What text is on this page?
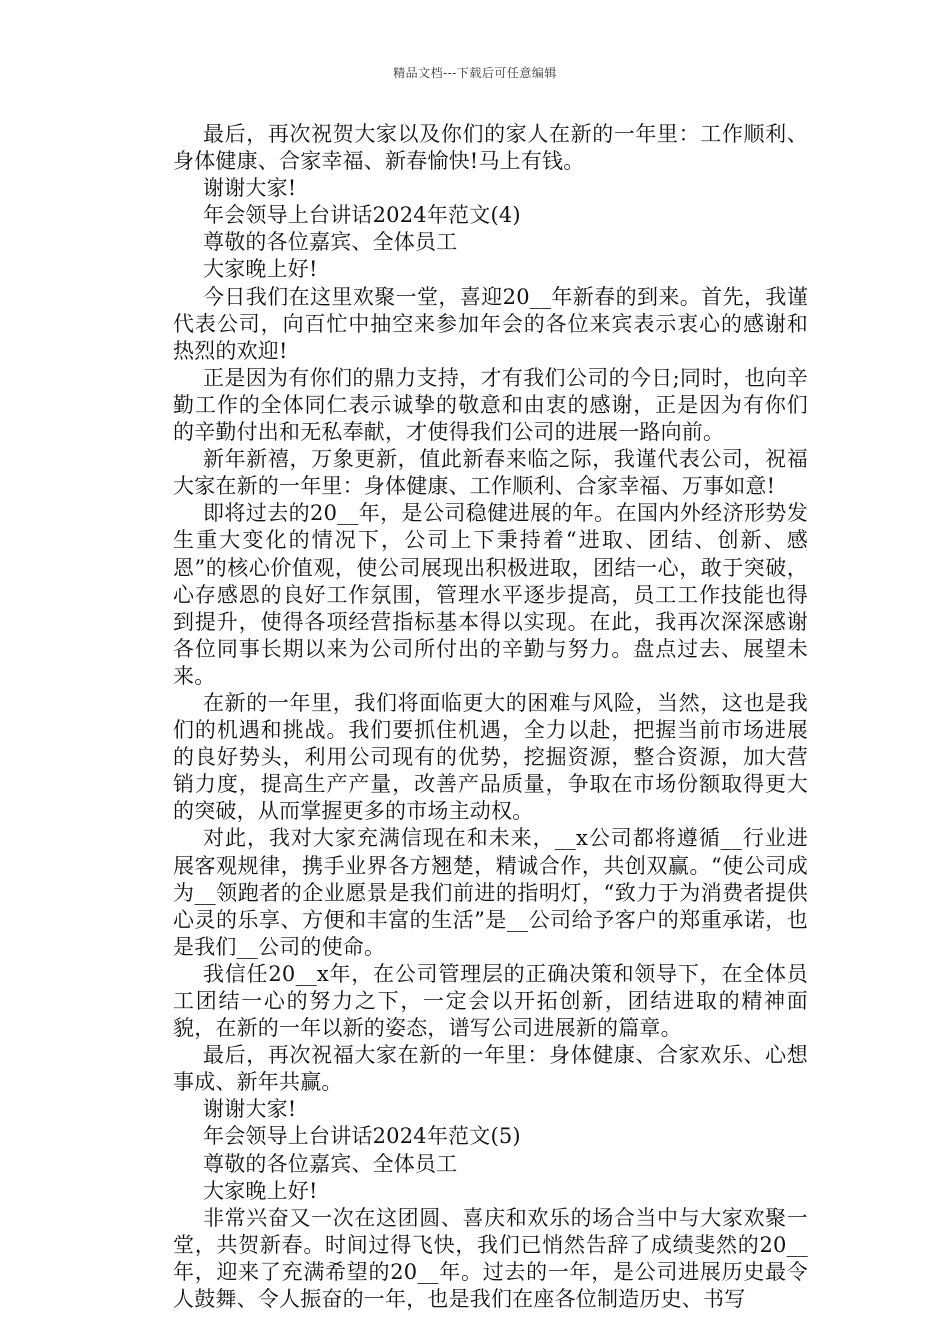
精品文档---下载后可任意编辑

最后，再次祝贺大家以及你们的家人在新的一年里：工作顺利、身体健康、合家幸福、新春愉快!马上有钱。

谢谢大家!

年会领导上台讲话2024年范文(4)

尊敬的各位嘉宾、全体员工

大家晚上好!

今日我们在这里欢聚一堂，喜迎20__年新春的到来。首先，我谨代表公司，向百忙中抽空来参加年会的各位来宾表示衷心的感谢和热烈的欢迎!

正是因为有你们的鼎力支持，才有我们公司的今日;同时，也向辛勤工作的全体同仁表示诚挚的敬意和由衷的感谢，正是因为有你们的辛勤付出和无私奉献，才使得我们公司的进展一路向前。

新年新禧，万象更新，值此新春来临之际，我谨代表公司，祝福大家在新的一年里：身体健康、工作顺利、合家幸福、万事如意!

即将过去的20__年，是公司稳健进展的年。在国内外经济形势发生重大变化的情况下，公司上下秉持着“进取、团结、创新、感恩”的核心价值观，使公司展现出积极进取，团结一心，敢于突破，心存感恩的良好工作氛围，管理水平逐步提高，员工工作技能也得到提升，使得各项经营指标基本得以实现。在此，我再次深深感谢各位同事长期以来为公司所付出的辛勤与努力。盘点过去、展望未来。

在新的一年里，我们将面临更大的困难与风险，当然，这也是我们的机遇和挑战。我们要抓住机遇，全力以赴，把握当前市场进展的良好势头，利用公司现有的优势，挖掘资源，整合资源，加大营销力度，提高生产产量，改善产品质量，争取在市场份额取得更大的突破，从而掌握更多的市场主动权。

对此，我对大家充满信现在和未来，__x公司都将遵循__行业进展客观规律，携手业界各方翘楚，精诚合作，共创双赢。“使公司成为__领跑者的企业愿景是我们前进的指明灯，“致力于为消费者提供心灵的乐享、方便和丰富的生活”是__公司给予客户的郑重承诺，也是我们__公司的使命。

我信任20__x年，在公司管理层的正确决策和领导下，在全体员工团结一心的努力之下，一定会以开拓创新，团结进取的精神面貌，在新的一年以新的姿态，谱写公司进展新的篇章。

最后，再次祝福大家在新的一年里：身体健康、合家欢乐、心想事成、新年共赢。

谢谢大家!

年会领导上台讲话2024年范文(5)

尊敬的各位嘉宾、全体员工

大家晚上好!

非常兴奋又一次在这团圆、喜庆和欢乐的场合当中与大家欢聚一堂，共贺新春。时间过得飞快，我们已悄然告辞了成绩斐然的20__年，迎来了充满希望的20__年。过去的一年，是公司进展历史最令人鼓舞、令人振奋的一年，也是我们在座各位制造历史、书写
